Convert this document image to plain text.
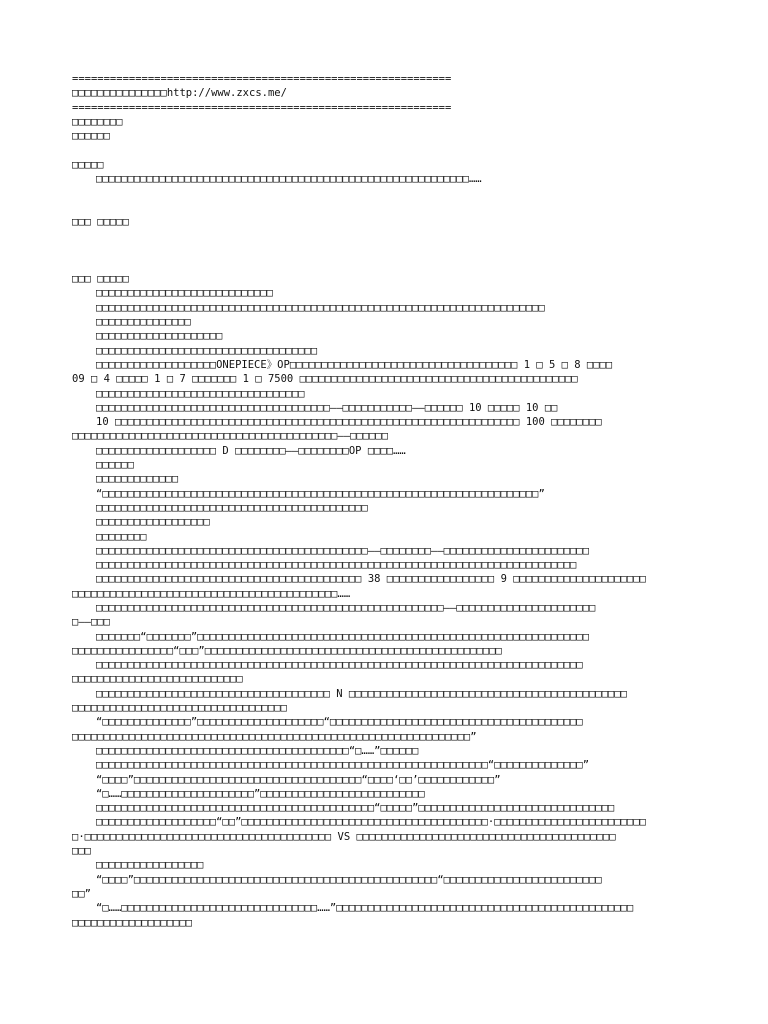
============================================================
□□□□□□□□□□□□□□□http://www.zxcs.me/
============================================================
□□□□□□□□
□□□□□□
□□□□□
□□□□□□□□□□□□□□□□□□□□□□□□□□□□□□□□□□□□□□□□□□□□□□□□□□□□□□□□□□□……
□□□ □□□□□
□□□ □□□□□
□□□□□□□□□□□□□□□□□□□□□□□□□□□□
□□□□□□□□□□□□□□□□□□□□□□□□□□□□□□□□□□□□□□□□□□□□□□□□□□□□□□□□□□□□□□□□□□□□□□□
□□□□□□□□□□□□□□□
□□□□□□□□□□□□□□□□□□□□
□□□□□□□□□□□□□□□□□□□□□□□□□□□□□□□□□□□
□□□□□□□□□□□□□□□□□□□ONEPIECE》OP□□□□□□□□□□□□□□□□□□□□□□□□□□□□□□□□□□□□ 1 □ 5 □ 8 □□□□
09 □ 4 □□□□□ 1 □ 7 □□□□□□□ 1 □ 7500 □□□□□□□□□□□□□□□□□□□□□□□□□□□□□□□□□□□□□□□□□□□□
□□□□□□□□□□□□□□□□□□□□□□□□□□□□□□□□□
□□□□□□□□□□□□□□□□□□□□□□□□□□□□□□□□□□□□□——□□□□□□□□□□□——□□□□□□ 10 □□□□□ 10 □□
10 □□□□□□□□□□□□□□□□□□□□□□□□□□□□□□□□□□□□□□□□□□□□□□□□□□□□□□□□□□□□□□□□ 100 □□□□□□□□
□□□□□□□□□□□□□□□□□□□□□□□□□□□□□□□□□□□□□□□□□□——□□□□□□
□□□□□□□□□□□□□□□□□□□ D □□□□□□□□——□□□□□□□□OP □□□□……
□□□□□□
□□□□□□□□□□□□□
“□□□□□□□□□□□□□□□□□□□□□□□□□□□□□□□□□□□□□□□□□□□□□□□□□□□□□□□□□□□□□□□□□□□□□”
□□□□□□□□□□□□□□□□□□□□□□□□□□□□□□□□□□□□□□□□□□□
□□□□□□□□□□□□□□□□□□
□□□□□□□□
□□□□□□□□□□□□□□□□□□□□□□□□□□□□□□□□□□□□□□□□□□□——□□□□□□□□——□□□□□□□□□□□□□□□□□□□□□□□
□□□□□□□□□□□□□□□□□□□□□□□□□□□□□□□□□□□□□□□□□□□□□□□□□□□□□□□□□□□□□□□□□□□□□□□□□□□□
□□□□□□□□□□□□□□□□□□□□□□□□□□□□□□□□□□□□□□□□□□ 38 □□□□□□□□□□□□□□□□□ 9 □□□□□□□□□□□□□□□□□□□□□
□□□□□□□□□□□□□□□□□□□□□□□□□□□□□□□□□□□□□□□□□□……
□□□□□□□□□□□□□□□□□□□□□□□□□□□□□□□□□□□□□□□□□□□□□□□□□□□□□□□——□□□□□□□□□□□□□□□□□□□□□□
□——□□□
□□□□□□□“□□□□□□□”□□□□□□□□□□□□□□□□□□□□□□□□□□□□□□□□□□□□□□□□□□□□□□□□□□□□□□□□□□□□□□
□□□□□□□□□□□□□□□□“□□□”□□□□□□□□□□□□□□□□□□□□□□□□□□□□□□□□□□□□□□□□□□□□□□□
□□□□□□□□□□□□□□□□□□□□□□□□□□□□□□□□□□□□□□□□□□□□□□□□□□□□□□□□□□□□□□□□□□□□□□□□□□□□□
□□□□□□□□□□□□□□□□□□□□□□□□□□□
□□□□□□□□□□□□□□□□□□□□□□□□□□□□□□□□□□□□□ N □□□□□□□□□□□□□□□□□□□□□□□□□□□□□□□□□□□□□□□□□□□□
□□□□□□□□□□□□□□□□□□□□□□□□□□□□□□□□□□
“□□□□□□□□□□□□□□”□□□□□□□□□□□□□□□□□□□□“□□□□□□□□□□□□□□□□□□□□□□□□□□□□□□□□□□□□□□□□
□□□□□□□□□□□□□□□□□□□□□□□□□□□□□□□□□□□□□□□□□□□□□□□□□□□□□□□□□□□□□□□”
□□□□□□□□□□□□□□□□□□□□□□□□□□□□□□□□□□□□□□□□“□……”□□□□□□
□□□□□□□□□□□□□□□□□□□□□□□□□□□□□□□□□□□□□□□□□□□□□□□□□□□□□□□□□□□□□□“□□□□□□□□□□□□□□”
“□□□□”□□□□□□□□□□□□□□□□□□□□□□□□□□□□□□□□□□□□“□□□□‘□□’□□□□□□□□□□□□”
“□……□□□□□□□□□□□□□□□□□□□□□”□□□□□□□□□□□□□□□□□□□□□□□□□□
□□□□□□□□□□□□□□□□□□□□□□□□□□□□□□□□□□□□□□□□□□□□“□□□□□”□□□□□□□□□□□□□□□□□□□□□□□□□□□□□□□
□□□□□□□□□□□□□□□□□□□“□□”□□□□□□□□□□□□□□□□□□□□□□□□□□□□□□□□□□□□□□□·□□□□□□□□□□□□□□□□□□□□□□□□
□·□□□□□□□□□□□□□□□□□□□□□□□□□□□□□□□□□□□□□□□ VS □□□□□□□□□□□□□□□□□□□□□□□□□□□□□□□□□□□□□□□□□
□□□
□□□□□□□□□□□□□□□□□
“□□□□”□□□□□□□□□□□□□□□□□□□□□□□□□□□□□□□□□□□□□□□□□□□□□□□□“□□□□□□□□□□□□□□□□□□□□□□□□□
□□”
“□……□□□□□□□□□□□□□□□□□□□□□□□□□□□□□□□……”□□□□□□□□□□□□□□□□□□□□□□□□□□□□□□□□□□□□□□□□□□□□□□□
□□□□□□□□□□□□□□□□□□□
